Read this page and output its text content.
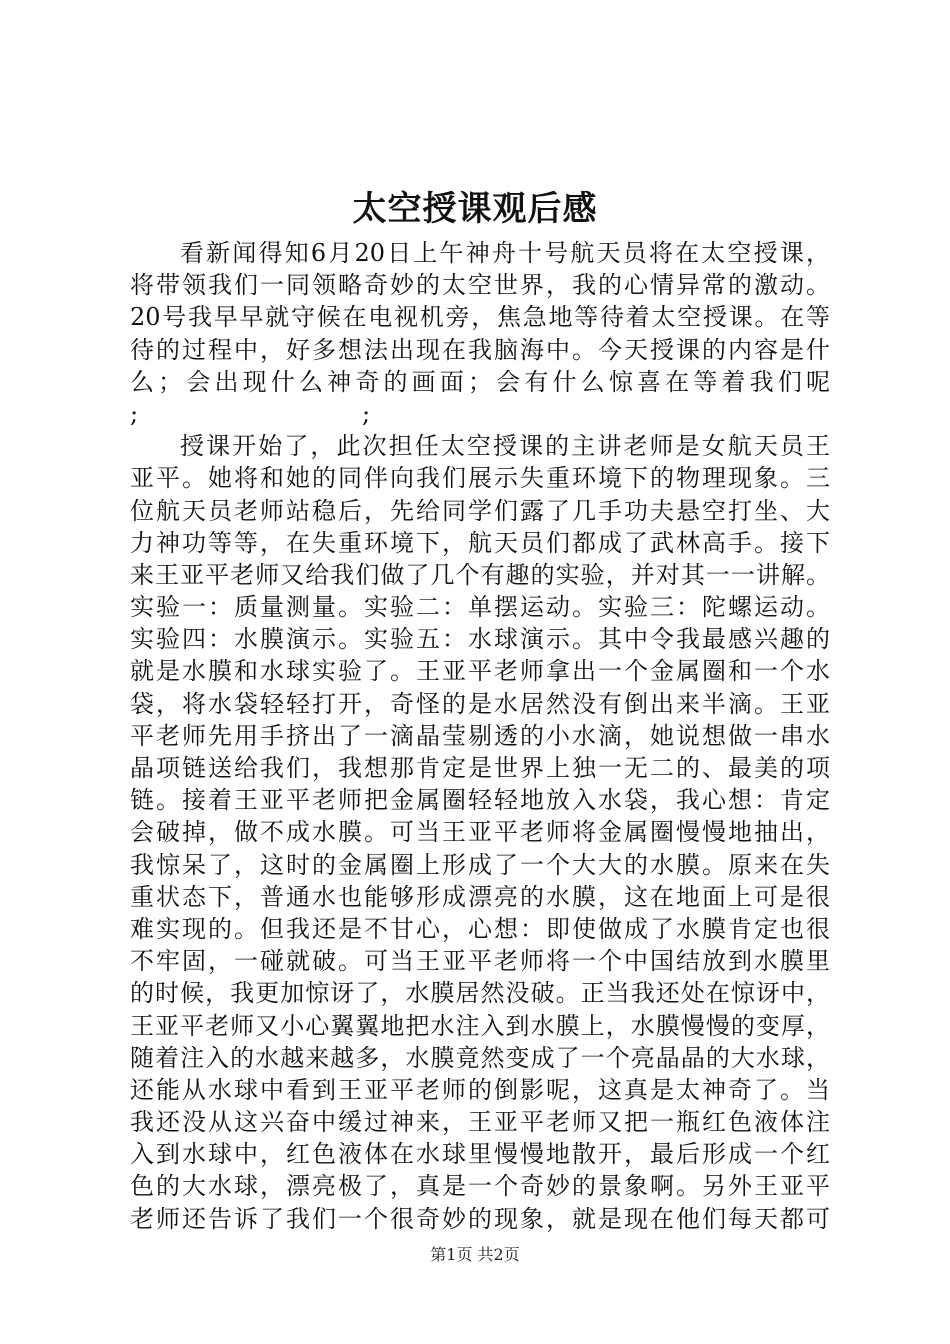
太空授课观后感
看新闻得知6月20日上午神舟十号航天员将在太空授课，
将带领我们一同领略奇妙的太空世界，我的心情异常的激动。
20号我早早就守候在电视机旁，焦急地等待着太空授课。在等
待的过程中，好多想法出现在我脑海中。今天授课的内容是什
么；会出现什么神奇的画面；会有什么惊喜在等着我们呢
;	;
授课开始了，此次担任太空授课的主讲老师是女航天员王
亚平。她将和她的同伴向我们展示失重环境下的物理现象。三
位航天员老师站稳后，先给同学们露了几手功夫悬空打坐、大
力神功等等，在失重环境下，航天员们都成了武林高手。接下
来王亚平老师又给我们做了几个有趣的实验，并对其一一讲解。
实验一：质量测量。实验二：单摆运动。实验三：陀螺运动。
实验四：水膜演示。实验五：水球演示。其中令我最感兴趣的
就是水膜和水球实验了。王亚平老师拿出一个金属圈和一个水
袋，将水袋轻轻打开，奇怪的是水居然没有倒出来半滴。王亚
平老师先用手挤出了一滴晶莹剔透的小水滴，她说想做一串水
晶项链送给我们，我想那肯定是世界上独一无二的、最美的项
链。接着王亚平老师把金属圈轻轻地放入水袋，我心想：肯定
会破掉，做不成水膜。可当王亚平老师将金属圈慢慢地抽出，
我惊呆了，这时的金属圈上形成了一个大大的水膜。原来在失
重状态下，普通水也能够形成漂亮的水膜，这在地面上可是很
难实现的。但我还是不甘心，心想：即使做成了水膜肯定也很
不牢固，一碰就破。可当王亚平老师将一个中国结放到水膜里
的时候，我更加惊讶了，水膜居然没破。正当我还处在惊讶中，
王亚平老师又小心翼翼地把水注入到水膜上，水膜慢慢的变厚，
随着注入的水越来越多，水膜竟然变成了一个亮晶晶的大水球，
还能从水球中看到王亚平老师的倒影呢，这真是太神奇了。当
我还没从这兴奋中缓过神来，王亚平老师又把一瓶红色液体注
入到水球中，红色液体在水球里慢慢地散开，最后形成一个红
色的大水球，漂亮极了，真是一个奇妙的景象啊。另外王亚平
老师还告诉了我们一个很奇妙的现象，就是现在他们每天都可
第1页 共2页
